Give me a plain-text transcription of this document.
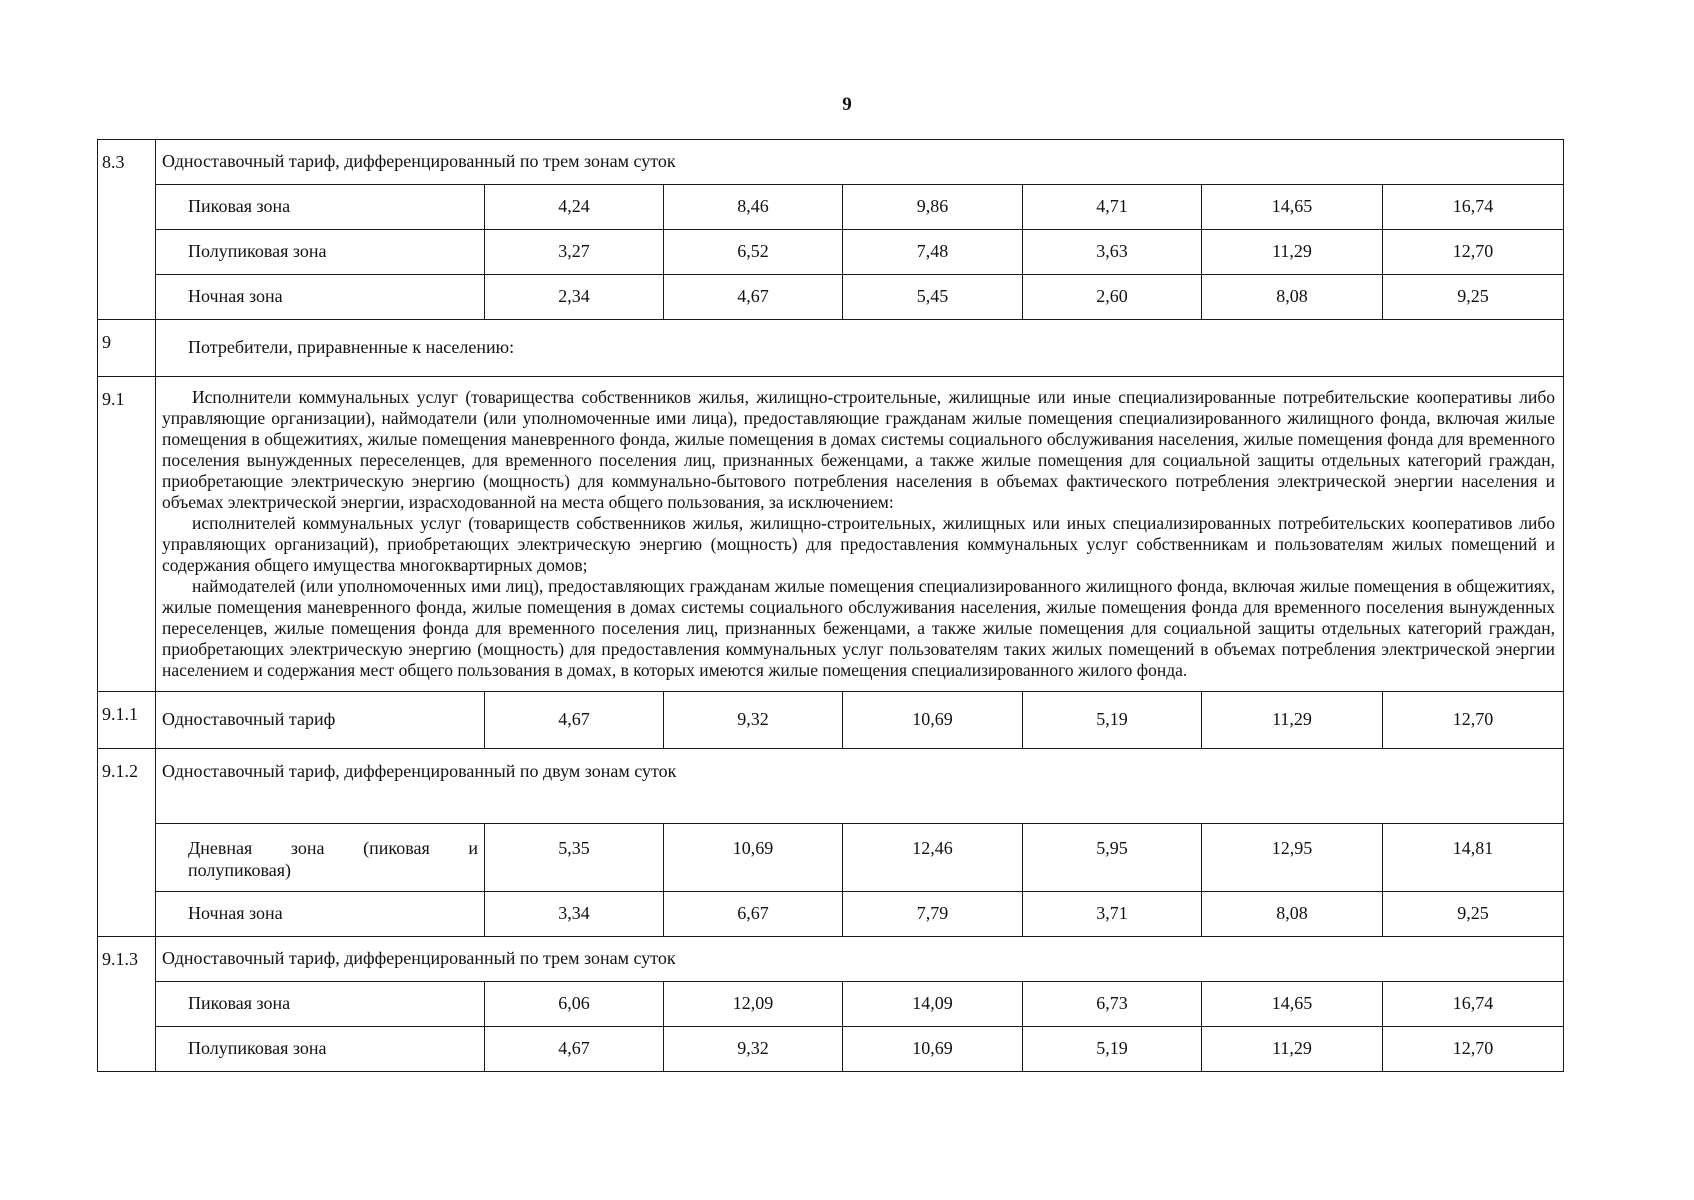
9
8.3	Одноставочный тариф, дифференцированный по трем зонам суток						
	Пиковая зона	4,24	8,46	9,86	4,71	14,65	16,74
	Полупиковая зона	3,27	6,52	7,48	3,63	11,29	12,70
	Ночная зона	2,34	4,67	5,45	2,60	8,08	9,25
9	Потребители, приравненные к населению:						
9.1	Исполнители коммунальных услуг (товарищества собственников жилья, жилищно-строительные, жилищные или иные специализированные потребительские кооперативы либо управляющие организации), наймодатели (или уполномоченные ими лица), предоставляющие гражданам жилые помещения специализированного жилищного фонда, включая жилые помещения в общежитиях, жилые помещения маневренного фонда, жилые помещения в домах системы социального обслуживания населения, жилые помещения фонда для временного поселения вынужденных переселенцев, для временного поселения лиц, признанных беженцами, а также жилые помещения для социальной защиты отдельных категорий граждан, приобретающие электрическую энергию (мощность) для коммунально-бытового потребления населения в объемах фактического потребления электрической энергии населения и объемах электрической энергии, израсходованной на места общего пользования, за исключением:

исполнителей коммунальных услуг (товариществ собственников жилья, жилищно-строительных, жилищных или иных специализированных потребительских кооперативов либо управляющих организаций), приобретающих электрическую энергию (мощность) для предоставления коммунальных услуг собственникам и пользователям жилых помещений и содержания общего имущества многоквартирных домов;

наймодателей (или уполномоченных ими лиц), предоставляющих гражданам жилые помещения специализированного жилищного фонда, включая жилые помещения в общежитиях, жилые помещения маневренного фонда, жилые помещения в домах системы социального обслуживания населения, жилые помещения фонда для временного поселения вынужденных переселенцев, жилые помещения фонда для временного поселения лиц, признанных беженцами, а также жилые помещения для социальной защиты отдельных категорий граждан, приобретающих электрическую энергию (мощность) для предоставления коммунальных услуг пользователям таких жилых помещений в объемах потребления электрической энергии населением и содержания мест общего пользования в домах, в которых имеются жилые помещения специализированного жилого фонда.						

9.1.1	Одноставочный тариф	4,67	9,32	10,69	5,19	11,29	12,70
9.1.2	Одноставочный тариф, дифференцированный по двум зонам суток						
	Дневная зона (пиковая и полупиковая)	5,35	10,69	12,46	5,95	12,95	14,81
	Ночная зона	3,34	6,67	7,79	3,71	8,08	9,25
9.1.3	Одноставочный тариф, дифференцированный по трем зонам суток						
	Пиковая зона	6,06	12,09	14,09	6,73	14,65	16,74
	Полупиковая зона	4,67	9,32	10,69	5,19	11,29	12,70
